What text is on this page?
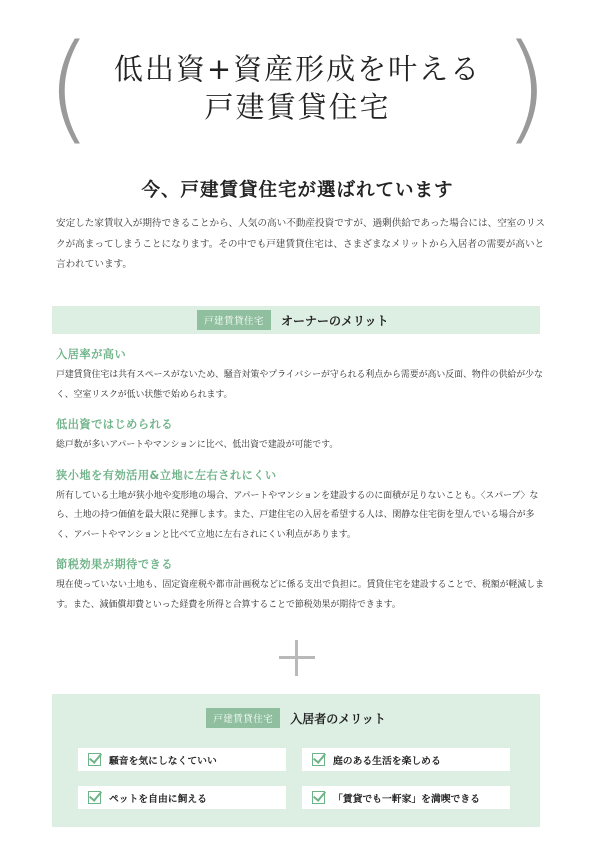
(	)
低出資+資産形成を叶える
戸建賃貸住宅
今、戸建賃貸住宅が選ばれています
安定した家賃収入が期待できることから、人気の高い不動産投資ですが、過剰供給であった場合には、空室のリスクが高まってしまうことになります。その中でも戸建賃貸住宅は、さまざまなメリットから入居者の需要が高いと言われています。
戸建賃貸住宅	オーナーのメリット
入居率が高い

戸建賃貸住宅は共有スペースがないため、騒音対策やプライバシーが守られる利点から需要が高い反面、物件の供給が少なく、空室リスクが低い状態で始められます。

低出資ではじめられる

総戸数が多いアパートやマンションに比べ、低出資で建設が可能です。

狭小地を有効活用&立地に左右されにくい

所有している土地が狭小地や変形地の場合、アパートやマンションを建設するのに面積が足りないことも。〈スパーブ〉なら、土地の持つ価値を最大限に発揮します。また、戸建住宅の入居を希望する人は、閑静な住宅街を望んでいる場合が多く、アパートやマンションと比べて立地に左右されにくい利点があります。

節税効果が期待できる

現在使っていない土地も、固定資産税や都市計画税などに係る支出で負担に。賃貸住宅を建設することで、税額が軽減します。また、減価償却費といった経費を所得と合算することで節税効果が期待できます。

戸建賃貸住宅	入居者のメリット
騒音を気にしなくていい	庭のある生活を楽しめる
ペットを自由に飼える	「賃貸でも一軒家」を満喫できる
